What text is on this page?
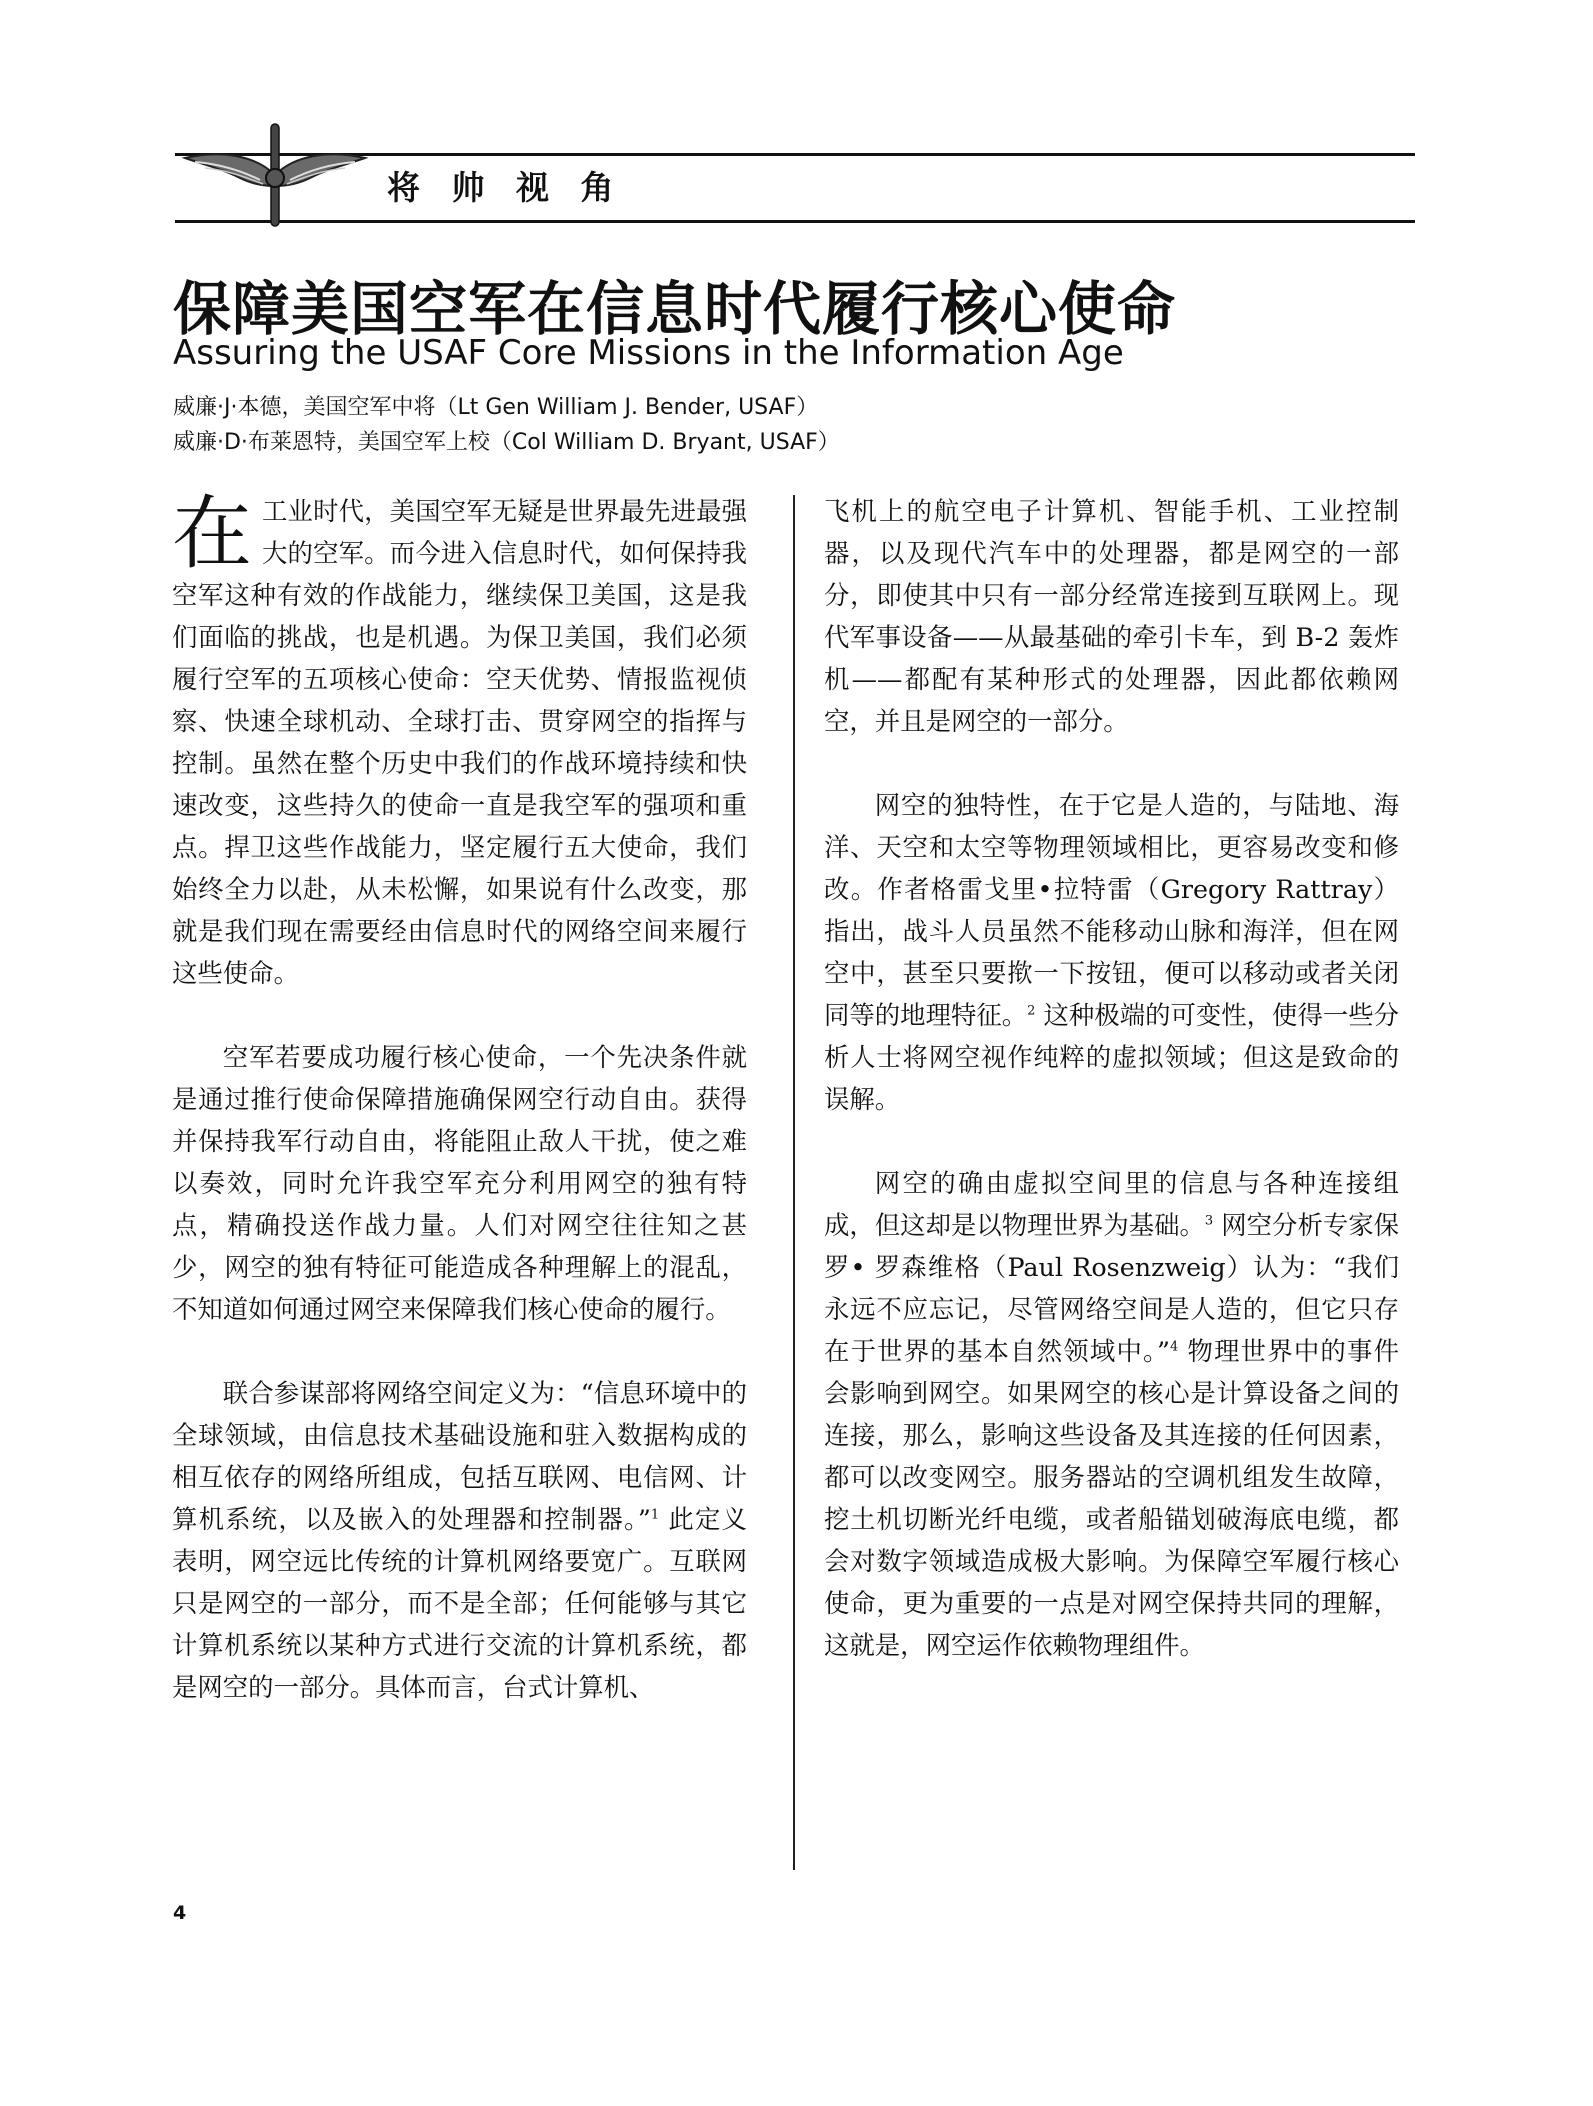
将 帅 视 角
保障美国空军在信息时代履行核心使命
Assuring the USAF Core Missions in the Information Age
威廉·J·本德，美国空军中将（Lt Gen William J. Bender, USAF）
威廉·D·布莱恩特，美国空军上校（Col William D. Bryant, USAF）

在工业时代，美国空军无疑是世界最先进最强大的空军。而今进入信息时代，如何保持我空军这种有效的作战能力，继续保卫美国，这是我们面临的挑战，也是机遇。为保卫美国，我们必须履行空军的五项核心使命：空天优势、情报监视侦察、快速全球机动、全球打击、贯穿网空的指挥与控制。虽然在整个历史中我们的作战环境持续和快速改变，这些持久的使命一直是我空军的强项和重点。捍卫这些作战能力，坚定履行五大使命，我们始终全力以赴，从未松懈，如果说有什么改变，那就是我们现在需要经由信息时代的网络空间来履行这些使命。

空军若要成功履行核心使命，一个先决条件就是通过推行使命保障措施确保网空行动自由。获得并保持我军行动自由，将能阻止敌人干扰，使之难以奏效，同时允许我空军充分利用网空的独有特点，精确投送作战力量。人们对网空往往知之甚少，网空的独有特征可能造成各种理解上的混乱，不知道如何通过网空来保障我们核心使命的履行。

联合参谋部将网络空间定义为：“信息环境中的全球领域，由信息技术基础设施和驻入数据构成的相互依存的网络所组成，包括互联网、电信网、计算机系统，以及嵌入的处理器和控制器。”$^1$ 此定义表明，网空远比传统的计算机网络要宽广。互联网只是网空的一部分，而不是全部；任何能够与其它计算机系统以某种方式进行交流的计算机系统，都是网空的一部分。具体而言，台式计算机、

飞机上的航空电子计算机、智能手机、工业控制器，以及现代汽车中的处理器，都是网空的一部分，即使其中只有一部分经常连接到互联网上。现代军事设备——从最基础的牵引卡车，到 B-2 轰炸机——都配有某种形式的处理器，因此都依赖网空，并且是网空的一部分。

网空的独特性，在于它是人造的，与陆地、海洋、天空和太空等物理领域相比，更容易改变和修改。作者格雷戈里•拉特雷（Gregory Rattray）指出，战斗人员虽然不能移动山脉和海洋，但在网空中，甚至只要揿一下按钮，便可以移动或者关闭同等的地理特征。$^2$ 这种极端的可变性，使得一些分析人士将网空视作纯粹的虚拟领域；但这是致命的误解。

网空的确由虚拟空间里的信息与各种连接组成，但这却是以物理世界为基础。$^3$ 网空分析专家保罗• 罗森维格（Paul Rosenzweig）认为：“我们永远不应忘记，尽管网络空间是人造的，但它只存在于世界的基本自然领域中。”$^4$ 物理世界中的事件会影响到网空。如果网空的核心是计算设备之间的连接，那么，影响这些设备及其连接的任何因素，都可以改变网空。服务器站的空调机组发生故障，挖土机切断光纤电缆，或者船锚划破海底电缆，都会对数字领域造成极大影响。为保障空军履行核心使命，更为重要的一点是对网空保持共同的理解，这就是，网空运作依赖物理组件。

4
